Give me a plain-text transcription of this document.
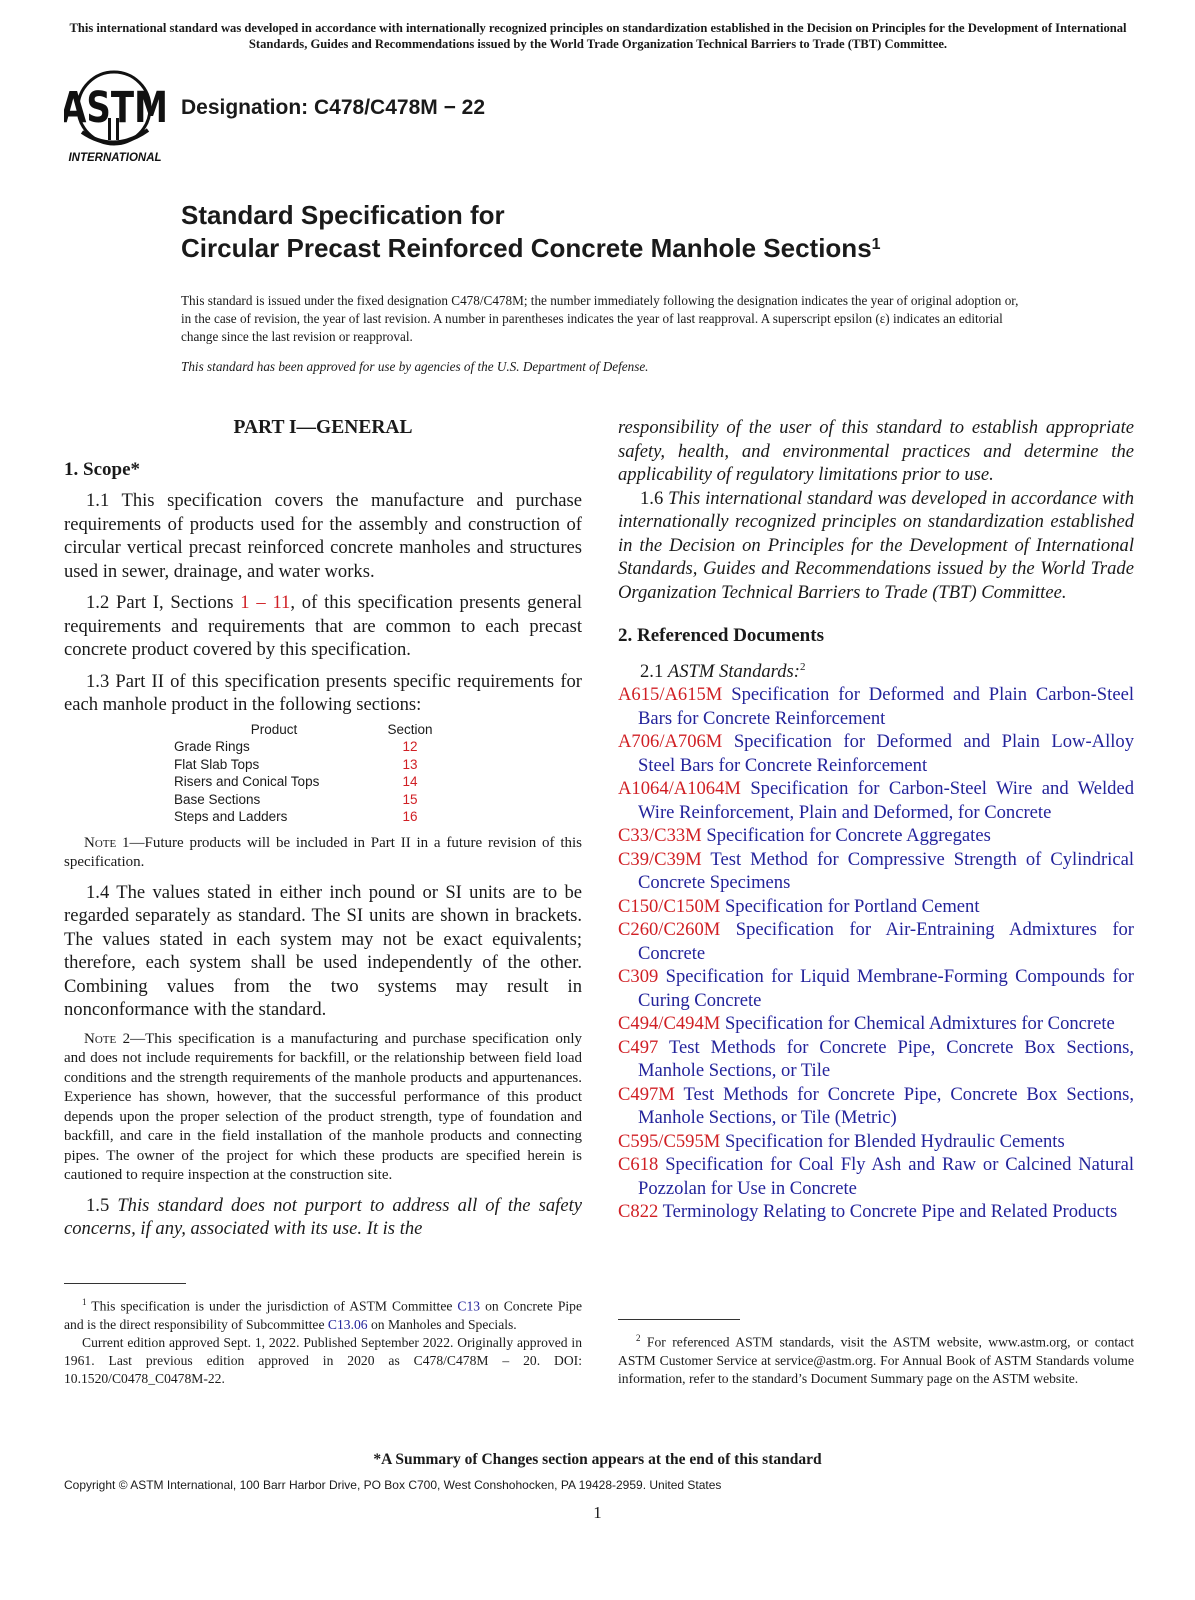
This international standard was developed in accordance with internationally recognized principles on standardization established in the Decision on Principles for the Development of International Standards, Guides and Recommendations issued by the World Trade Organization Technical Barriers to Trade (TBT) Committee.
ASTM
INTERNATIONAL
Designation: C478/C478M − 22
Standard Specification for
Circular Precast Reinforced Concrete Manhole Sections$^1$
This standard is issued under the fixed designation C478/C478M; the number immediately following the designation indicates the year of original adoption or, in the case of revision, the year of last revision. A number in parentheses indicates the year of last reapproval. A superscript epsilon (ε) indicates an editorial change since the last revision or reapproval.
This standard has been approved for use by agencies of the U.S. Department of Defense.

PART I—GENERAL

1. Scope*

1.1 This specification covers the manufacture and purchase requirements of products used for the assembly and construction of circular vertical precast reinforced concrete manholes and structures used in sewer, drainage, and water works.

1.2 Part I, Sections 1 – 11, of this specification presents general requirements and requirements that are common to each precast concrete product covered by this specification.

1.3 Part II of this specification presents specific requirements for each manhole product in the following sections:

Product	Section
Grade Rings	12
Flat Slab Tops	13
Risers and Conical Tops	14
Base Sections	15
Steps and Ladders	16

Note 1—Future products will be included in Part II in a future revision of this specification.

1.4 The values stated in either inch pound or SI units are to be regarded separately as standard. The SI units are shown in brackets. The values stated in each system may not be exact equivalents; therefore, each system shall be used independently of the other. Combining values from the two systems may result in nonconformance with the standard.

Note 2—This specification is a manufacturing and purchase specification only and does not include requirements for backfill, or the relationship between field load conditions and the strength requirements of the manhole products and appurtenances. Experience has shown, however, that the successful performance of this product depends upon the proper selection of the product strength, type of foundation and backfill, and care in the field installation of the manhole products and connecting pipes. The owner of the project for which these products are specified herein is cautioned to require inspection at the construction site.

1.5 This standard does not purport to address all of the safety concerns, if any, associated with its use. It is the

responsibility of the user of this standard to establish appropriate safety, health, and environmental practices and determine the applicability of regulatory limitations prior to use.

1.6 This international standard was developed in accordance with internationally recognized principles on standardization established in the Decision on Principles for the Development of International Standards, Guides and Recommendations issued by the World Trade Organization Technical Barriers to Trade (TBT) Committee.

2. Referenced Documents

2.1 ASTM Standards:$^2$

A615/A615M Specification for Deformed and Plain Carbon-Steel Bars for Concrete Reinforcement

A706/A706M Specification for Deformed and Plain Low-Alloy Steel Bars for Concrete Reinforcement

A1064/A1064M Specification for Carbon-Steel Wire and Welded Wire Reinforcement, Plain and Deformed, for Concrete

C33/C33M Specification for Concrete Aggregates

C39/C39M Test Method for Compressive Strength of Cylindrical Concrete Specimens

C150/C150M Specification for Portland Cement

C260/C260M Specification for Air-Entraining Admixtures for Concrete

C309 Specification for Liquid Membrane-Forming Compounds for Curing Concrete

C494/C494M Specification for Chemical Admixtures for Concrete

C497 Test Methods for Concrete Pipe, Concrete Box Sections, Manhole Sections, or Tile

C497M Test Methods for Concrete Pipe, Concrete Box Sections, Manhole Sections, or Tile (Metric)

C595/C595M Specification for Blended Hydraulic Cements

C618 Specification for Coal Fly Ash and Raw or Calcined Natural Pozzolan for Use in Concrete

C822 Terminology Relating to Concrete Pipe and Related Products

$^1$ This specification is under the jurisdiction of ASTM Committee C13 on Concrete Pipe and is the direct responsibility of Subcommittee C13.06 on Manholes and Specials.

Current edition approved Sept. 1, 2022. Published September 2022. Originally approved in 1961. Last previous edition approved in 2020 as C478/C478M – 20. DOI: 10.1520/C0478_C0478M-22.

$^2$ For referenced ASTM standards, visit the ASTM website, www.astm.org, or contact ASTM Customer Service at service@astm.org. For Annual Book of ASTM Standards volume information, refer to the standard’s Document Summary page on the ASTM website.

*A Summary of Changes section appears at the end of this standard
Copyright © ASTM International, 100 Barr Harbor Drive, PO Box C700, West Conshohocken, PA 19428-2959. United States
1
